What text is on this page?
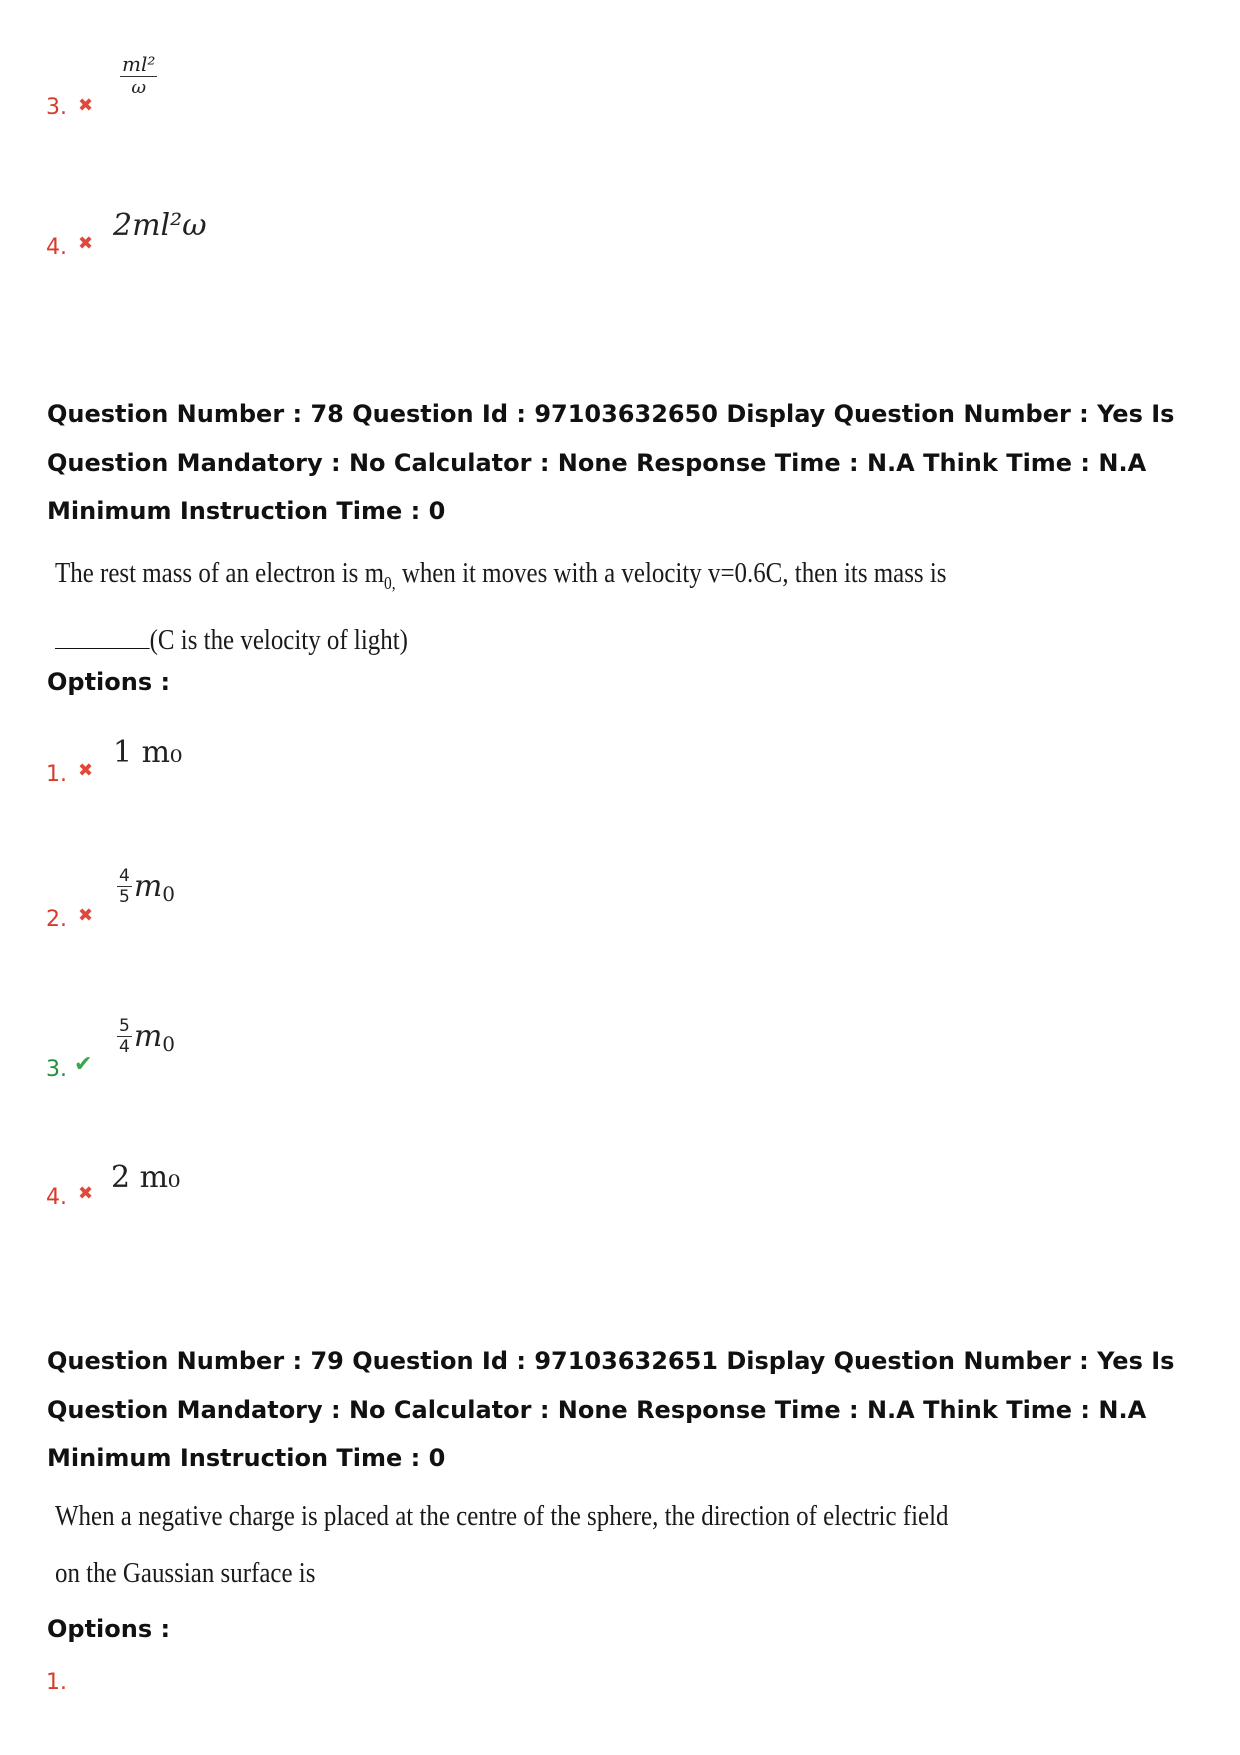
$\frac{\text{ml²}}{\omega}$
3. ✖
2ml²ω
4. ✖
Question Number : 78 Question Id : 97103632650 Display Question Number : Yes Is Question Mandatory : No Calculator : None Response Time : N.A Think Time : N.A Minimum Instruction Time : 0
The rest mass of an electron is $m_{0,}$ when it moves with a velocity v=0.6C, then its mass is
(C is the velocity of light)
Options :
1 m₀
1. ✖
$\frac{4}{5}$ m 0
2. ✖
$\frac{5}{4}$ m 0
3. ✔
2 m₀
4. ✖
Question Number : 79 Question Id : 97103632651 Display Question Number : Yes Is Question Mandatory : No Calculator : None Response Time : N.A Think Time : N.A Minimum Instruction Time : 0
When a negative charge is placed at the centre of the sphere, the direction of electric field
on the Gaussian surface is
Options :
1.
